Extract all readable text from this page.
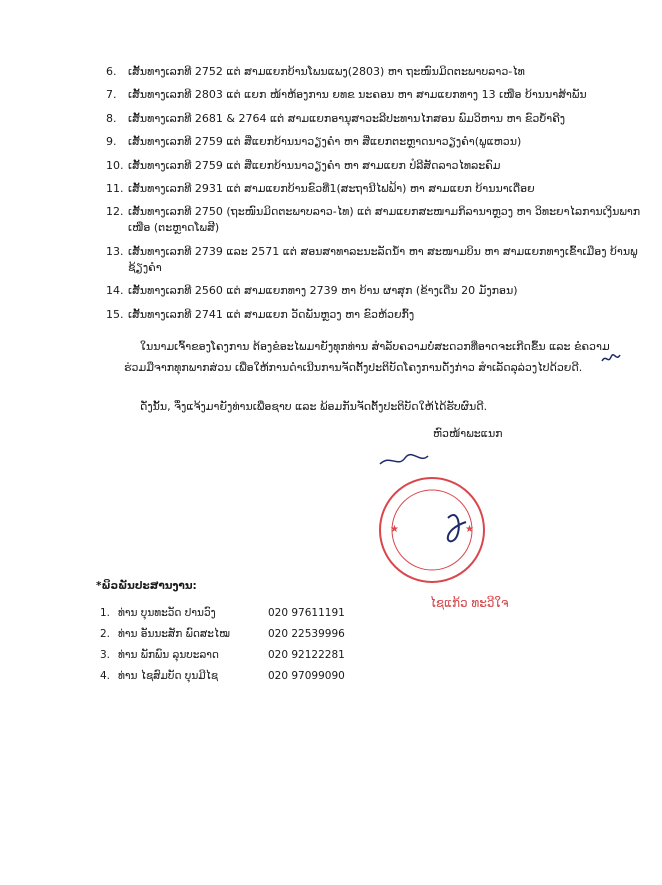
6.	ເສັ້ນທາງເລກທີ 2752 ແຕ່ ສາມແຍກບ້ານໂພນແພງ(2803) ຫາ ຖະໜົນມິດຕະພາບລາວ-ໄທ
7.	ເສັ້ນທາງເລກທີ 2803 ແຕ່ ແຍກ ໜ້າຫ້ອງການ ຍທຂ ນະຄອນ ຫາ ສາມແຍກທາງ 13 ເໜືອ ບ້ານນາສ້າພັນ
8.	ເສັ້ນທາງເລກທີ 2681 & 2764 ແຕ່ ສາມແຍກອານຸສາວະລີປະທານໄກສອນ ພົມວິຫານ ຫາ ຂົວບ້ຳຄີງ
9.	ເສັ້ນທາງເລກທີ 2759 ແຕ່ ສີ່ແຍກບ້ານນາວຽງຄຳ ຫາ ສີ່ແຍກຕະຫຼາດນາວຽງຄຳ(ພູແຫວນ)
10. ເສັ້ນທາງເລກທີ 2759 ແຕ່ ສີ່ແຍກບ້ານນາວຽງຄຳ ຫາ ສາມແຍກ ປໍລີສັດລາວໄທລະຄົມ
11. ເສັ້ນທາງເລກທີ 2931 ແຕ່ ສາມແຍກບ້ານຂົວທີ່1(ສະຖານີໄຟຟ້າ) ຫາ ສາມແຍກ ບ້ານນາເດື່ອຍ
12. ເສັ້ນທາງເລກທີ 2750 (ຖະໜົນມິດຕະພາບລາວ-ໄທ) ແຕ່ ສາມແຍກສະໜາມກິລານາຫຼວງ ຫາ ວິທະຍາໄລການເງິນພາກເໜືອ (ຕະຫຼາດໂພສີ)
13. ເສັ້ນທາງເລກທີ 2739 ແລະ 2571 ແຕ່ ສອນສາທາລະນະລັດນ້ຳ ຫາ ສະໜາມບິນ ຫາ ສາມແຍກທາງເຂົ້າເມືອງ ບ້ານພູຊ້ຽງຄຳ
14. ເສັ້ນທາງເລກທີ 2560 ແຕ່ ສາມແຍກທາງ 2739 ຫາ ບ້ານ ຜາສຸກ (ຂ້າງເດີ່ນ 20 ມັງກອນ)
15. ເສັ້ນທາງເລກທີ 2741 ແຕ່ ສາມແຍກ ວັດພັນຫຼວງ ຫາ ຂົວຫ້ວຍກົ້ງ
ໃນນາມເຈົ້າຂອງໂຄງການ ຕ້ອງຂໍອະໄພມາຍັງທຸກທ່ານ ສຳລັບຄວາມບໍ່ສະດວກທີ່ອາດຈະເກີດຂຶ້ນ ແລະ ຂໍຄວາມຮ່ວມມືຈາກທຸກພາກສ່ວນ ເພື່ອໃຫ້ການດຳເນີນການຈັດຕັ້ງປະຕິບັດໂຄງການດັ່ງກ່າວ ສຳເລັດລຸລ່ວງໄປດ້ວຍດີ.
ດັ່ງນັ້ນ, ຈຶ່ງແຈ້ງມາຍັງທ່ານເພື່ອຊາບ ແລະ ພ້ອມກັນຈັດຕັ້ງປະຕິບັດໃຫ້ໄດ້ຮັບຜົນດີ.
ຫົວໜ້າພະແນກ
★	★
ໄຊແກ້ວ ທະວີໃຈ
*ພິວພັນປະສານງານ:
1. ທ່ານ ບຸນທະວັດ ປານວົງ	020 97611191
2. ທ່ານ ອັນນະສັກ ພົດສະໄໝ	020 22539996
3. ທ່ານ ພັກພົນ ລຸນບະລາດ	020 92122281
4. ທ່ານ ໄຊສົມບັດ ບຸນມີໄຊ	020 97099090
